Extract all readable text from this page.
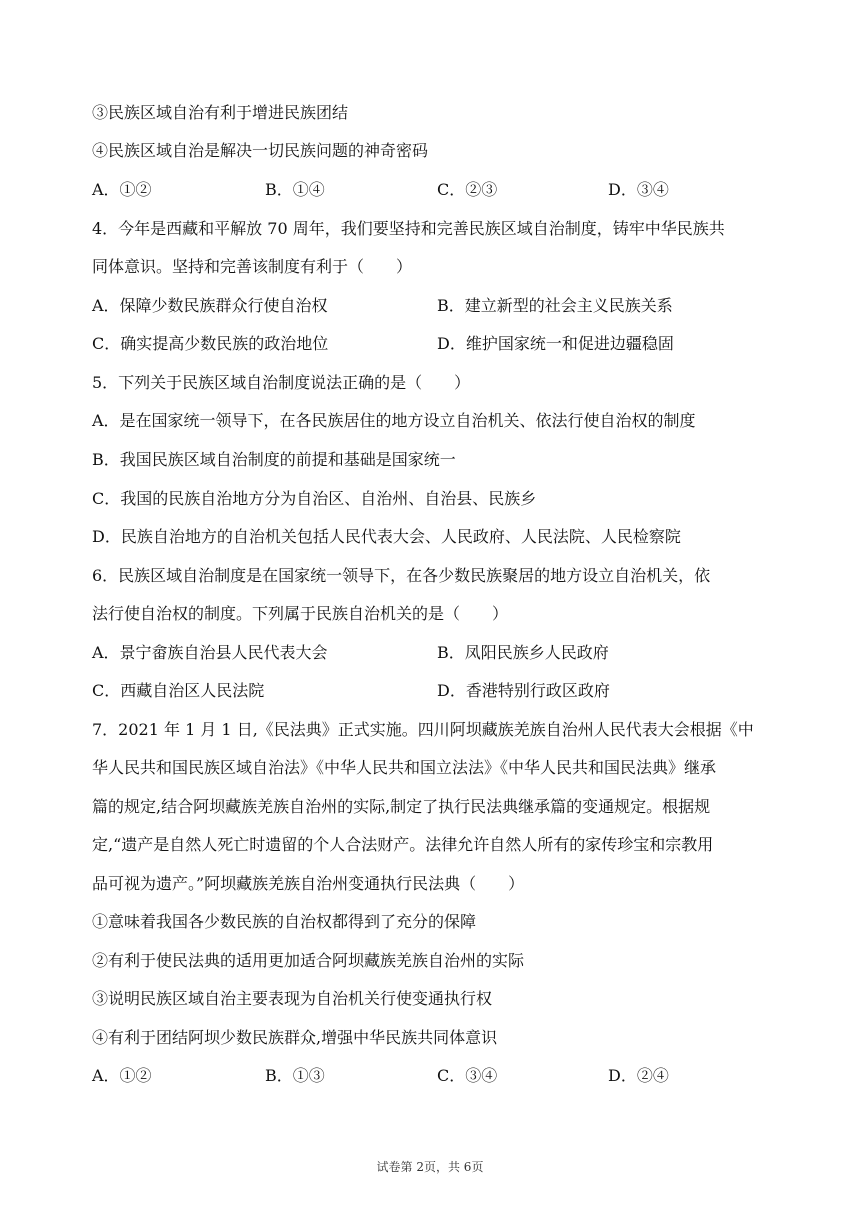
③民族区域自治有利于增进民族团结
④民族区域自治是解决一切民族问题的神奇密码
A．①②	B．①④	C．②③	D．③④
4．今年是西藏和平解放 70 周年，我们要坚持和完善民族区域自治制度，铸牢中华民族共
同体意识。坚持和完善该制度有利于（　　）
A．保障少数民族群众行使自治权	B．建立新型的社会主义民族关系
C．确实提高少数民族的政治地位	D．维护国家统一和促进边疆稳固
5．下列关于民族区域自治制度说法正确的是（　　）
A．是在国家统一领导下，在各民族居住的地方设立自治机关、依法行使自治权的制度
B．我国民族区域自治制度的前提和基础是国家统一
C．我国的民族自治地方分为自治区、自治州、自治县、民族乡
D．民族自治地方的自治机关包括人民代表大会、人民政府、人民法院、人民检察院
6．民族区域自治制度是在国家统一领导下，在各少数民族聚居的地方设立自治机关，依
法行使自治权的制度。下列属于民族自治机关的是（　　）
A．景宁畲族自治县人民代表大会	B．凤阳民族乡人民政府
C．西藏自治区人民法院	D．香港特别行政区政府
7．2021 年 1 月 1 日,《民法典》正式实施。四川阿坝藏族羌族自治州人民代表大会根据《中
华人民共和国民族区域自治法》《中华人民共和国立法法》《中华人民共和国民法典》继承
篇的规定,结合阿坝藏族羌族自治州的实际,制定了执行民法典继承篇的变通规定。根据规
定,“遗产是自然人死亡时遗留的个人合法财产。法律允许自然人所有的家传珍宝和宗教用
品可视为遗产。”阿坝藏族羌族自治州变通执行民法典（　　）
①意味着我国各少数民族的自治权都得到了充分的保障
②有利于使民法典的适用更加适合阿坝藏族羌族自治州的实际
③说明民族区域自治主要表现为自治机关行使变通执行权
④有利于团结阿坝少数民族群众,增强中华民族共同体意识
A．①②	B．①③	C．③④	D．②④
试卷第 2页，共 6页
